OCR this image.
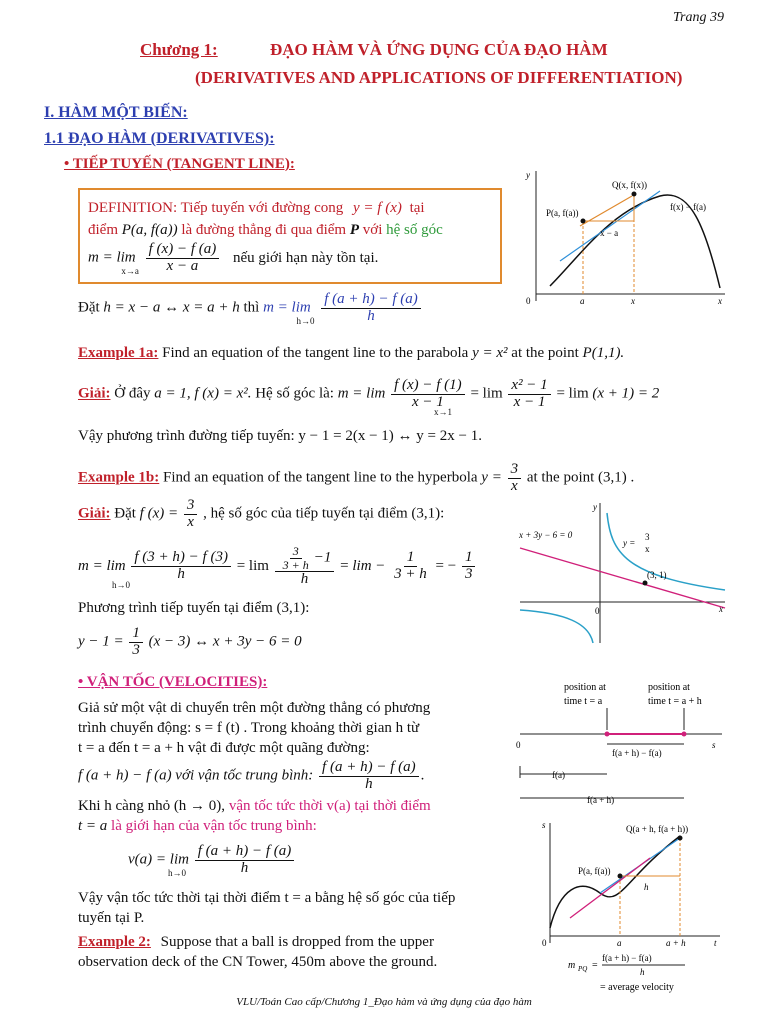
Trang 39
Chương 1:	ĐẠO HÀM VÀ ỨNG DỤNG CỦA ĐẠO HÀM
(DERIVATIVES AND APPLICATIONS OF DIFFERENTIATION)
I. HÀM MỘT BIẾN:
1.1 ĐẠO HÀM (DERIVATIVES):
• TIẾP TUYẾN (TANGENT LINE):
DEFINITION: Tiếp tuyến với đường cong y = f (x) tại
điểm P(a, f(a)) là đường thẳng đi qua điểm P với hệ số góc
m = lim
x→a
$\frac{f (x) - f (a)}{x - a}$ nếu giới hạn này tồn tại.
Đặt h = x − a ↔ x = a + h thì m = lim
h→0
$\frac{f (a + h) - f (a)}{h}$
Example 1a: Find an equation of the tangent line to the parabola y = x² at the point P(1,1).
Giải: Ở đây a = 1, f (x) = x². Hệ số góc là: $m = \lim \frac{f (x) - f (1)}{x - 1} = \lim \frac{\text{x² − 1}}{x - 1} = \lim (x + 1) = 2$
x→1
Vậy phương trình đường tiếp tuyến: y − 1 = 2(x − 1) ↔ y = 2x − 1.
Example 1b: Find an equation of the tangent line to the hyperbola $y = \frac{3}{x}$ at the point (3,1) .
Giải: Đặt f $(x) = \frac{3}{x}$ , hệ số góc của tiếp tuyến tại điểm (3,1):
$m = \lim \frac{f (3 + h) - f (3)}{h} = \lim \frac{\frac{3}{3 + h} -1}{h} = \lim - \frac{1}{3 + h}$ = − $\frac{1}{3}$
h→0
Phương trình tiếp tuyến tại điểm (3,1):
$y - 1 = \frac{1}{3} (x - 3)$ ↔ x + 3y − 6 = 0
• VẬN TỐC (VELOCITIES):
Giả sử một vật di chuyển trên một đường thẳng có phương
trình chuyển động: s = f (t) . Trong khoảng thời gian h từ
t = a đến t = a + h vật đi được một quãng đường:
f (a + h) − f (a) với vận tốc trung bình: $\frac{f (a + h) - f (a)}{h}$ .
Khi h càng nhỏ (h → 0), vận tốc tức thời v(a) tại thời điểm
t = a là giới hạn của vận tốc trung bình:
$v(a) = \lim \frac{f (a + h) - f (a)}{h}$
h→0
Vậy vận tốc tức thời tại thời điểm t = a bằng hệ số góc của tiếp
tuyến tại P.
Example 2: Suppose that a ball is dropped from the upper
observation deck of the CN Tower, 450m above the ground.
VLU/Toán Cao cấp/Chương 1_Đạo hàm và ứng dụng của đạo hàm
y
x
0	a	x
Q(x, f(x))
P(a, f(a))
f(x) − f(a)
x − a
y
x
0
x + 3y − 6 = 0
y =
3
x
(3, 1)
position at
time t = a
position at
time t = a + h
0	s
f(a + h) − f(a)
f(a)
f(a + h)
s
t
0	a	a + h
Q(a + h, f(a + h))
P(a, f(a))
h
m PQ =
f(a + h) − f(a)
h
= average velocity
